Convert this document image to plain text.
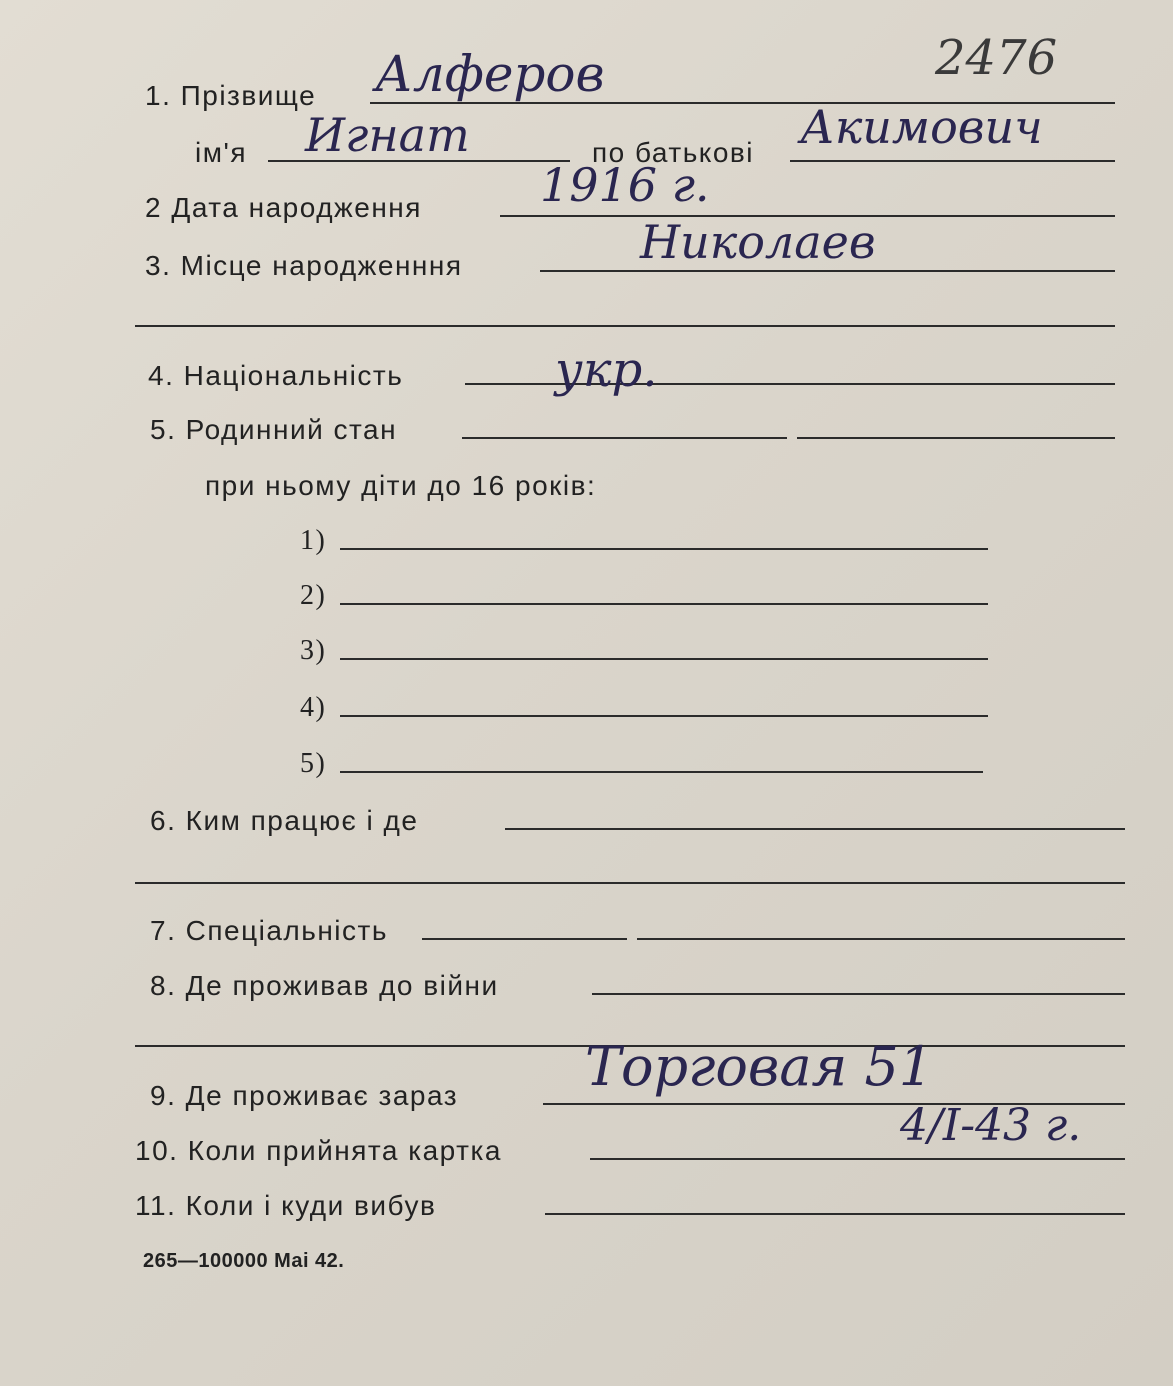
2476
1. Прізвище Алферов
ім'я Игнат	по батькові Акимович
2 Дата народження	1916 г.
3. Місце народженння	Николаев
4. Національність	укр.
5. Родинний стан
при ньому діти до 16 років:
1)
2)
3)
4)
5)
6. Ким працює і де
7. Спеціальність
8. Де проживав до війни
9. Де проживає зараз Торговая 51
10. Коли прийнята картка	4/I-43 г.
11. Коли і куди вибув
265—100000 Mai 42.
